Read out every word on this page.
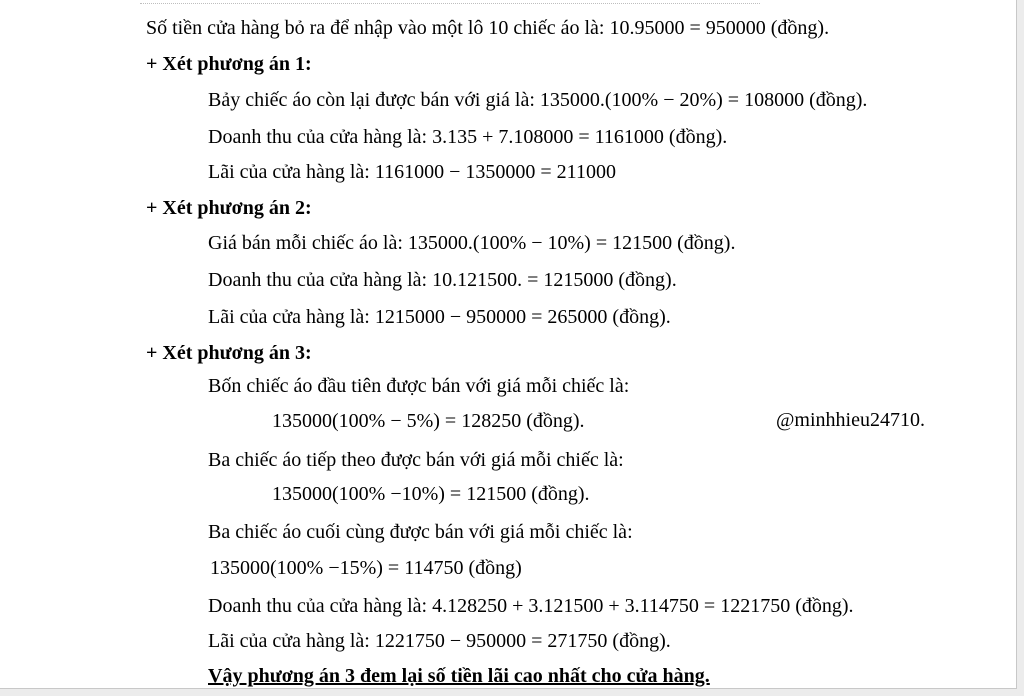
Số tiền cửa hàng bỏ ra để nhập vào một lô 10 chiếc áo là: 10.95000 = 950000 (đồng).
+ Xét phương án 1:
Bảy chiếc áo còn lại được bán với giá là: 135000.(100% − 20%) = 108000 (đồng).
Doanh thu của cửa hàng là: 3.135 + 7.108000 = 1161000 (đồng).
Lãi của cửa hàng là: 1161000 − 1350000 = 211000
+ Xét phương án 2:
Giá bán mỗi chiếc áo là: 135000.(100% − 10%) = 121500 (đồng).
Doanh thu của cửa hàng là: 10.121500. = 1215000 (đồng).
Lãi của cửa hàng là: 1215000 − 950000 = 265000 (đồng).
+ Xét phương án 3:
Bốn chiếc áo đầu tiên được bán với giá mỗi chiếc là:
135000(100% − 5%) = 128250 (đồng).	@minhhieu24710.
Ba chiếc áo tiếp theo được bán với giá mỗi chiếc là:
135000(100% −10%) = 121500 (đồng).
Ba chiếc áo cuối cùng được bán với giá mỗi chiếc là:
135000(100% −15%) = 114750 (đồng)
Doanh thu của cửa hàng là: 4.128250 + 3.121500 + 3.114750 = 1221750 (đồng).
Lãi của cửa hàng là: 1221750 − 950000 = 271750 (đồng).
Vậy phương án 3 đem lại số tiền lãi cao nhất cho cửa hàng.
